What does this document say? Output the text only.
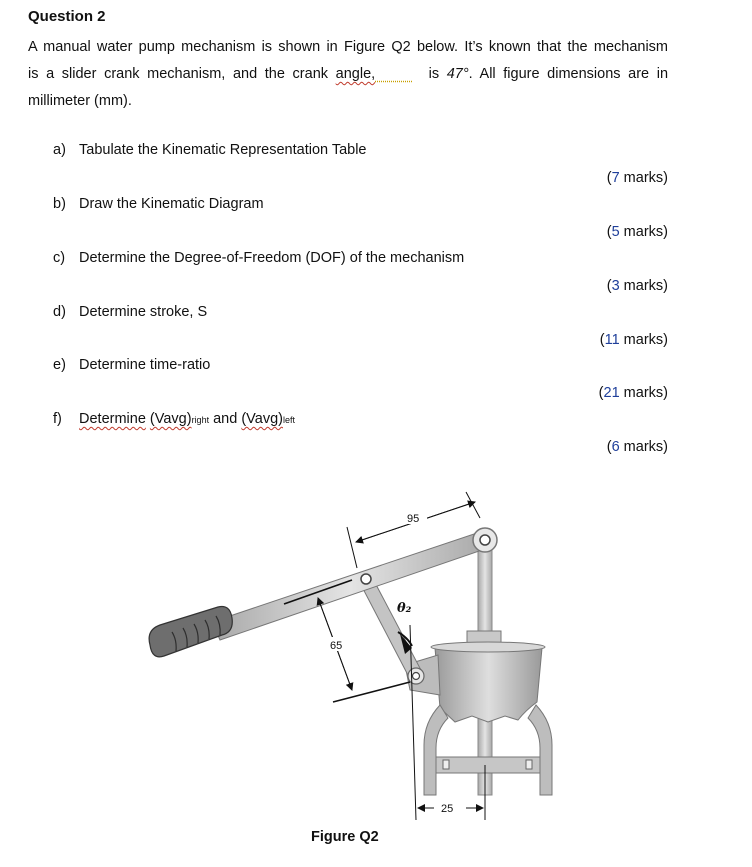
Question 2
A manual water pump mechanism is shown in Figure Q2 below. It’s known that the mechanism
is a slider crank mechanism, and the crank angle,	is 47°. All figure dimensions are in
millimeter (mm).
a) Tabulate the Kinematic Representation Table
(7 marks)
b) Draw the Kinematic Diagram
(5 marks)
c) Determine the Degree-of-Freedom (DOF) of the mechanism
(3 marks)
d) Determine stroke, S
(11 marks)
e) Determine time-ratio
(21 marks)
f) Determine (Vavg)right and (Vavg)left
(6 marks)
95
65
25
θ₂
Figure Q2
